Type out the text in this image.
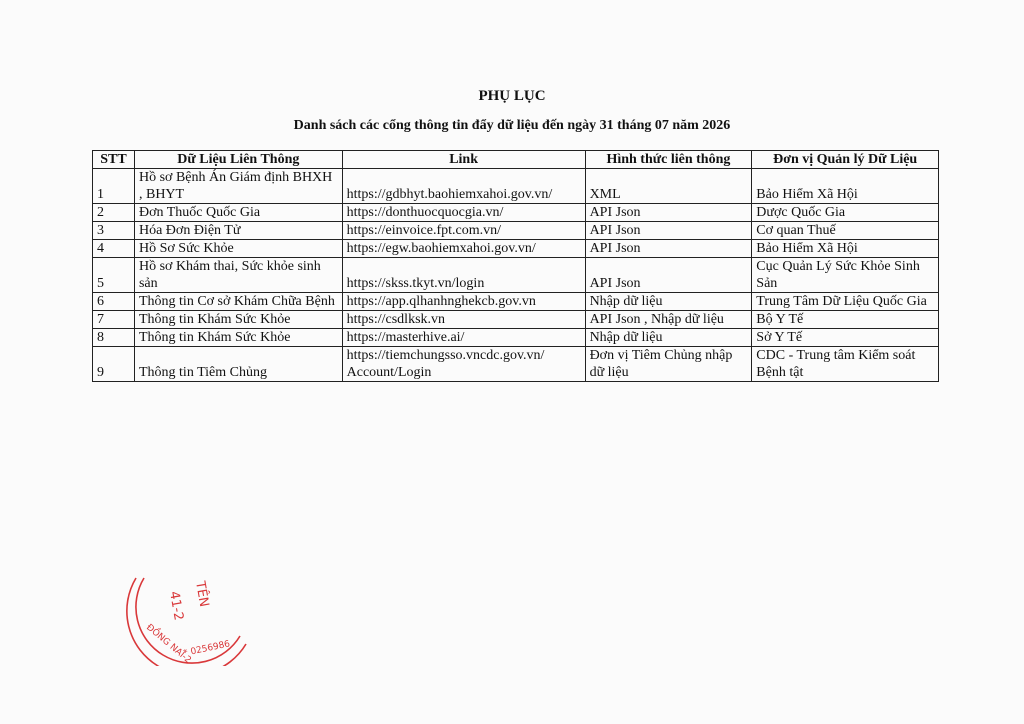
PHỤ LỤC
Danh sách các cổng thông tin đẩy dữ liệu đến ngày 31 tháng 07 năm 2026
STT	Dữ Liệu Liên Thông	Link	Hình thức liên thông	Đơn vị Quản lý Dữ Liệu
1	Hồ sơ Bệnh Án Giám định BHXH , BHYT	https://gdbhyt.baohiemxahoi.gov.vn/	XML	Bảo Hiểm Xã Hội
2	Đơn Thuốc Quốc Gia	https://donthuocquocgia.vn/	API Json	Dược Quốc Gia
3	Hóa Đơn Điện Tử	https://einvoice.fpt.com.vn/	API Json	Cơ quan Thuế
4	Hồ Sơ Sức Khỏe	https://egw.baohiemxahoi.gov.vn/	API Json	Bảo Hiểm Xã Hội
5	Hồ sơ Khám thai, Sức khỏe sinh sản	https://skss.tkyt.vn/login	API Json	Cục Quản Lý Sức Khỏe Sinh Sản
6	Thông tin Cơ sở Khám Chữa Bệnh	https://app.qlhanhnghekcb.gov.vn	Nhập dữ liệu	Trung Tâm Dữ Liệu Quốc Gia
7	Thông tin Khám Sức Khỏe	https://csdlksk.vn	API Json , Nhập dữ liệu	Bộ Y Tế
8	Thông tin Khám Sức Khỏe	https://masterhive.ai/	Nhập dữ liệu	Sở Y Tế
9	Thông tin Tiêm Chủng	https://tiemchungsso.vncdc.gov.vn/ Account/Login	Đơn vị Tiêm Chủng nhập dữ liệu	CDC - Trung tâm Kiểm soát Bệnh tật
ĐỒNG NAI-2
* 0256986
41-2 TÊN
